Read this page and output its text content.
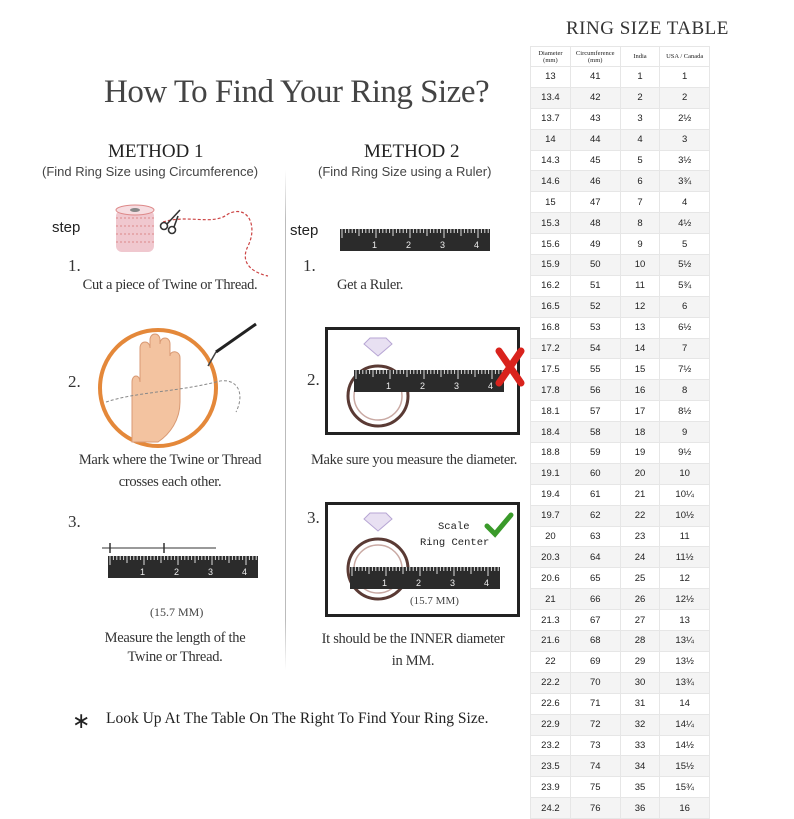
How To Find Your Ring Size?
METHOD 1
(Find Ring Size using Circumference)
METHOD 2
(Find Ring Size using a Ruler)
step
1.
Cut a piece of Twine or Thread.
2.
Mark where the Twine or Thread
crosses each other.
3.
1	2	3	4
(15.7 MM)
Measure the length of the
Twine or Thread.
step
1	2	3	4
1.
Get a Ruler.
1	2	3	4
2.
Make sure you measure the diameter.
3.	Scale
Ring Center
1	2	3	4
(15.7 MM)
It should be the INNER diameter
in MM.
∗ Look Up At The Table On The Right To Find Your Ring Size.
RING SIZE TABLE
Diameter (mm)	Circumference (mm)	India	USA / Canada
13	41	1	1
13.4	42	2	2
13.7	43	3	2½
14	44	4	3
14.3	45	5	3½
14.6	46	6	3¾
15	47	7	4
15.3	48	8	4½
15.6	49	9	5
15.9	50	10	5½
16.2	51	11	5¾
16.5	52	12	6
16.8	53	13	6½
17.2	54	14	7
17.5	55	15	7½
17.8	56	16	8
18.1	57	17	8½
18.4	58	18	9
18.8	59	19	9½
19.1	60	20	10
19.4	61	21	10¼
19.7	62	22	10½
20	63	23	11
20.3	64	24	11½
20.6	65	25	12
21	66	26	12½
21.3	67	27	13
21.6	68	28	13¼
22	69	29	13½
22.2	70	30	13¾
22.6	71	31	14
22.9	72	32	14¼
23.2	73	33	14½
23.5	74	34	15½
23.9	75	35	15¾
24.2	76	36	16
